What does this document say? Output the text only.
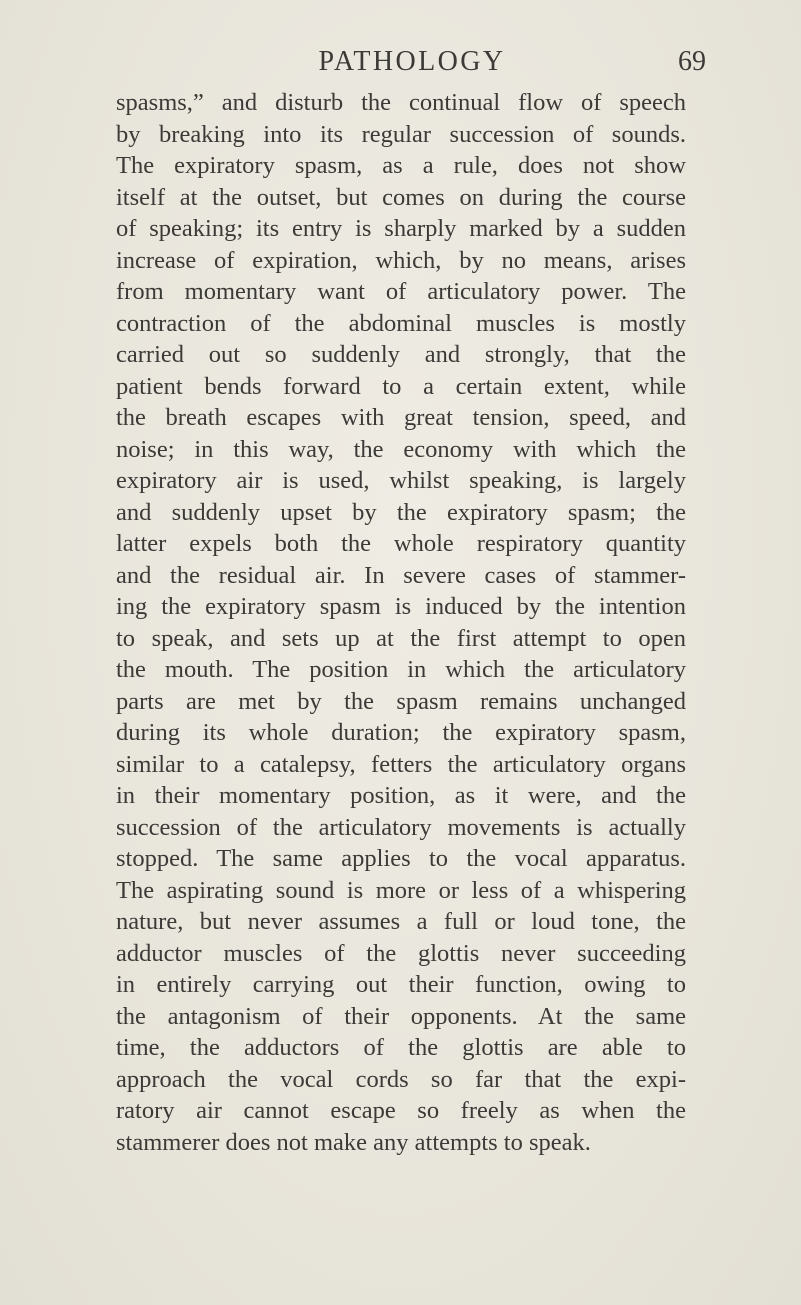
PATHOLOGY	69
spasms,” and disturb the continual flow of speech
by breaking into its regular succession of sounds.
The expiratory spasm, as a rule, does not show
itself at the outset, but comes on during the course
of speaking; its entry is sharply marked by a sudden
increase of expiration, which, by no means, arises
from momentary want of articulatory power. The
contraction of the abdominal muscles is mostly
carried out so suddenly and strongly, that the
patient bends forward to a certain extent, while
the breath escapes with great tension, speed, and
noise; in this way, the economy with which the
expiratory air is used, whilst speaking, is largely
and suddenly upset by the expiratory spasm; the
latter expels both the whole respiratory quantity
and the residual air. In severe cases of stammer-
ing the expiratory spasm is induced by the intention
to speak, and sets up at the first attempt to open
the mouth. The position in which the articulatory
parts are met by the spasm remains unchanged
during its whole duration; the expiratory spasm,
similar to a catalepsy, fetters the articulatory organs
in their momentary position, as it were, and the
succession of the articulatory movements is actually
stopped. The same applies to the vocal apparatus.
The aspirating sound is more or less of a whispering
nature, but never assumes a full or loud tone, the
adductor muscles of the glottis never succeeding
in entirely carrying out their function, owing to
the antagonism of their opponents. At the same
time, the adductors of the glottis are able to
approach the vocal cords so far that the expi-
ratory air cannot escape so freely as when the
stammerer does not make any attempts to speak.
